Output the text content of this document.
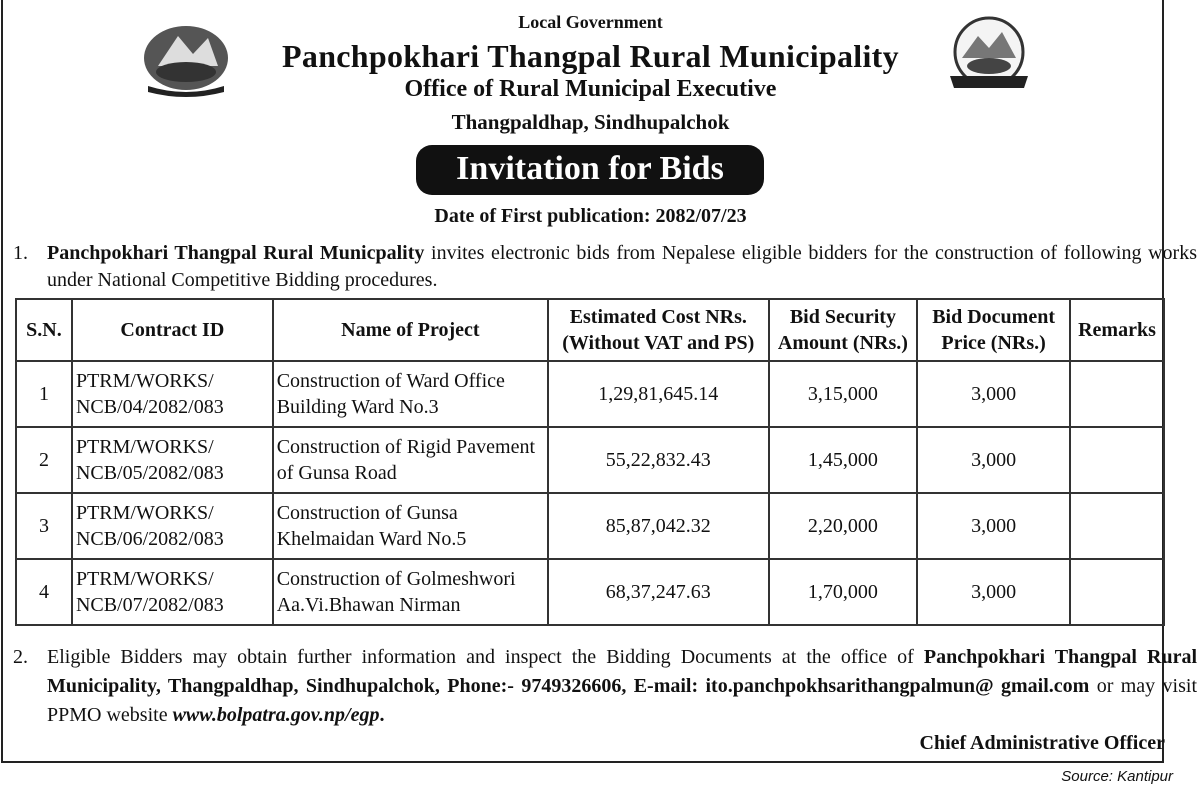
Local Government
Panchpokhari Thangpal Rural Municipality
Office of Rural Municipal Executive
Thangpaldhap, Sindhupalchok
Invitation for Bids
Date of First publication: 2082/07/23
1. Panchpokhari Thangpal Rural Municpality invites electronic bids from Nepalese eligible bidders for the construction of following works under National Competitive Bidding procedures.
S.N.	Contract ID	Name of Project	Estimated Cost NRs. (Without VAT and PS)	Bid Security Amount (NRs.)	Bid Document Price (NRs.)	Remarks
1	PTRM/WORKS/ NCB/04/2082/083	Construction of Ward Office Building Ward No.3	1,29,81,645.14	3,15,000	3,000	
2	PTRM/WORKS/ NCB/05/2082/083	Construction of Rigid Pavement of Gunsa Road	55,22,832.43	1,45,000	3,000	
3	PTRM/WORKS/ NCB/06/2082/083	Construction of Gunsa Khelmaidan Ward No.5	85,87,042.32	2,20,000	3,000	
4	PTRM/WORKS/ NCB/07/2082/083	Construction of Golmeshwori Aa.Vi.Bhawan Nirman	68,37,247.63	1,70,000	3,000	
2. Eligible Bidders may obtain further information and inspect the Bidding Documents at the office of Panchpokhari Thangpal Rural Municipality, Thangpaldhap, Sindhupalchok, Phone:- 9749326606, E-mail: ito.panchpokhsarithangpalmun@ gmail.com or may visit PPMO website www.bolpatra.gov.np/egp.
Chief Administrative Officer
Source: Kantipur
